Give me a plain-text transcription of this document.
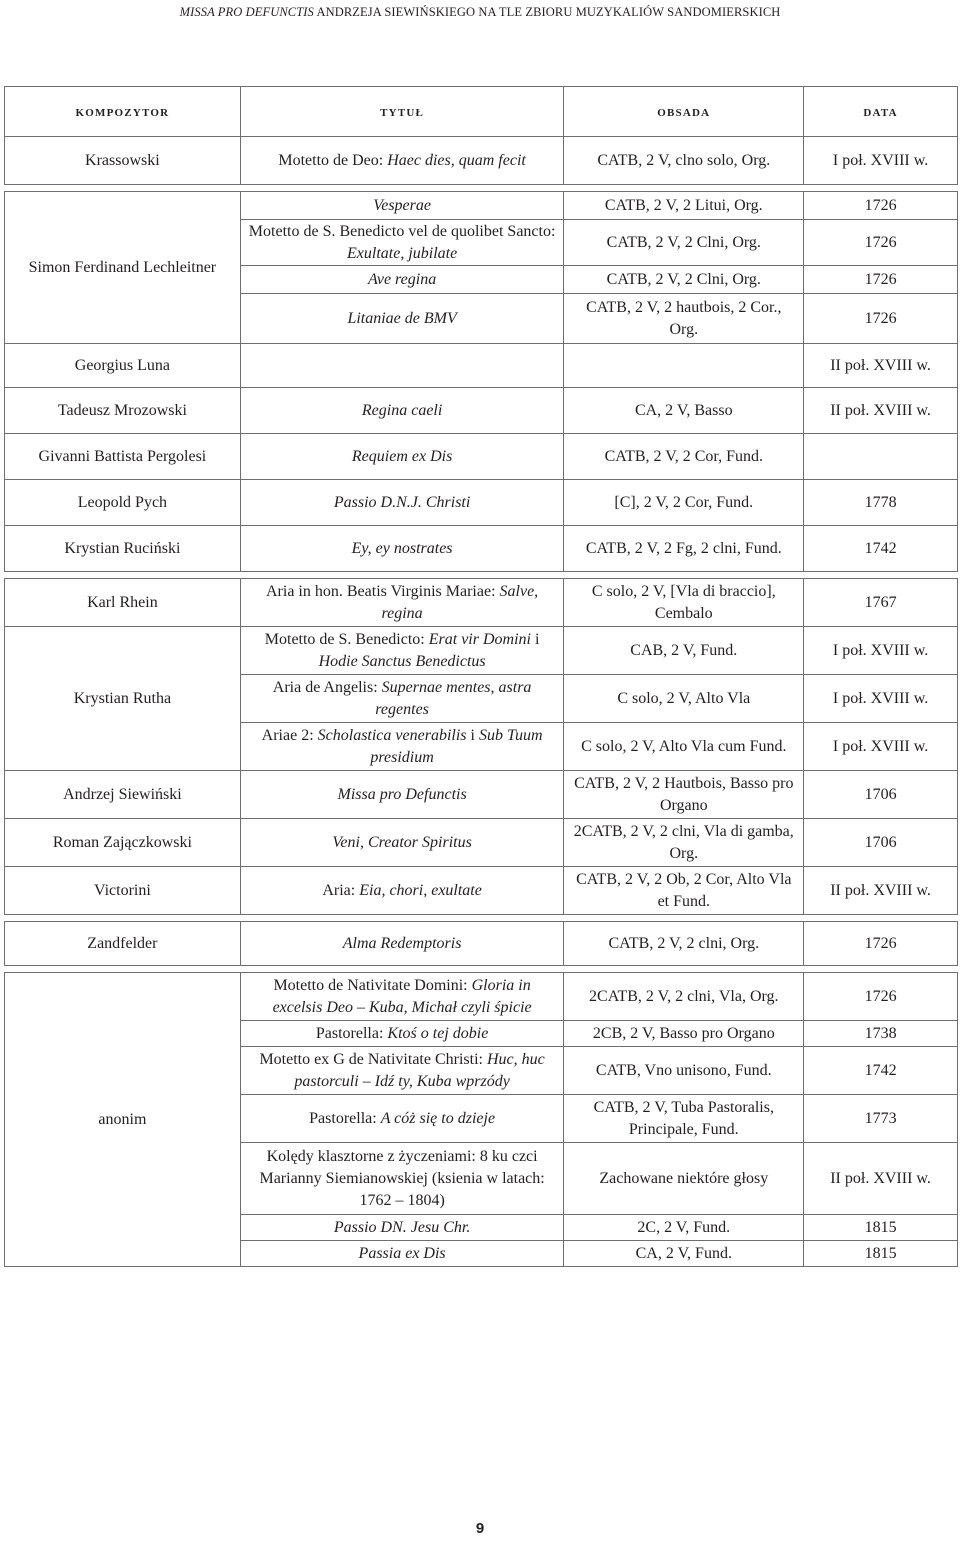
MISSA PRO DEFUNCTIS ANDRZEJA SIEWIŃSKIEGO NA TLE ZBIORU MUZYKALIÓW SANDOMIERSKICH
kompozytor	tytuł	obsada	data
Krassowski	Motetto de Deo: Haec dies, quam fecit	CATB, 2 V, clno solo, Org.	I poł. XVIII w.

Simon Ferdinand Lechleitner	Vesperae	CATB, 2 V, 2 Litui, Org.	1726
	Motetto de S. Benedicto vel de quolibet Sancto: Exultate, jubilate	CATB, 2 V, 2 Clni, Org.	1726
	Ave regina	CATB, 2 V, 2 Clni, Org.	1726
	Litaniae de BMV	CATB, 2 V, 2 hautbois, 2 Cor., Org.	1726
Georgius Luna			II poł. XVIII w.
Tadeusz Mrozowski	Regina caeli	CA, 2 V, Basso	II poł. XVIII w.
Givanni Battista Pergolesi	Requiem ex Dis	CATB, 2 V, 2 Cor, Fund.	
Leopold Pych	Passio D.N.J. Christi	[C], 2 V, 2 Cor, Fund.	1778
Krystian Ruciński	Ey, ey nostrates	CATB, 2 V, 2 Fg, 2 clni, Fund.	1742

Karl Rhein	Aria in hon. Beatis Virginis Mariae: Salve, regina	C solo, 2 V, [Vla di braccio], Cembalo	1767
Krystian Rutha	Motetto de S. Benedicto: Erat vir Domini i Hodie Sanctus Benedictus	CAB, 2 V, Fund.	I poł. XVIII w.
	Aria de Angelis: Supernae mentes, astra regentes	C solo, 2 V, Alto Vla	I poł. XVIII w.
	Ariae 2: Scholastica venerabilis i Sub Tuum presidium	C solo, 2 V, Alto Vla cum Fund.	I poł. XVIII w.
Andrzej Siewiński	Missa pro Defunctis	CATB, 2 V, 2 Hautbois, Basso pro Organo	1706
Roman Zajączkowski	Veni, Creator Spiritus	2CATB, 2 V, 2 clni, Vla di gamba, Org.	1706
Victorini	Aria: Eia, chori, exultate	CATB, 2 V, 2 Ob, 2 Cor, Alto Vla et Fund.	II poł. XVIII w.

Zandfelder	Alma Redemptoris	CATB, 2 V, 2 clni, Org.	1726

anonim	Motetto de Nativitate Domini: Gloria in excelsis Deo – Kuba, Michał czyli śpicie	2CATB, 2 V, 2 clni, Vla, Org.	1726
	Pastorella: Ktoś o tej dobie	2CB, 2 V, Basso pro Organo	1738
	Motetto ex G de Nativitate Christi: Huc, huc pastorculi – Idź ty, Kuba wprzódy	CATB, Vno unisono, Fund.	1742
	Pastorella: A cóż się to dzieje	CATB, 2 V, Tuba Pastoralis, Principale, Fund.	1773
	Kolędy klasztorne z życzeniami: 8 ku czci Marianny Siemianowskiej (ksienia w latach: 1762 – 1804)	Zachowane niektóre głosy	II poł. XVIII w.
	Passio DN. Jesu Chr.	2C, 2 V, Fund.	1815
	Passia ex Dis	CA, 2 V, Fund.	1815
9
